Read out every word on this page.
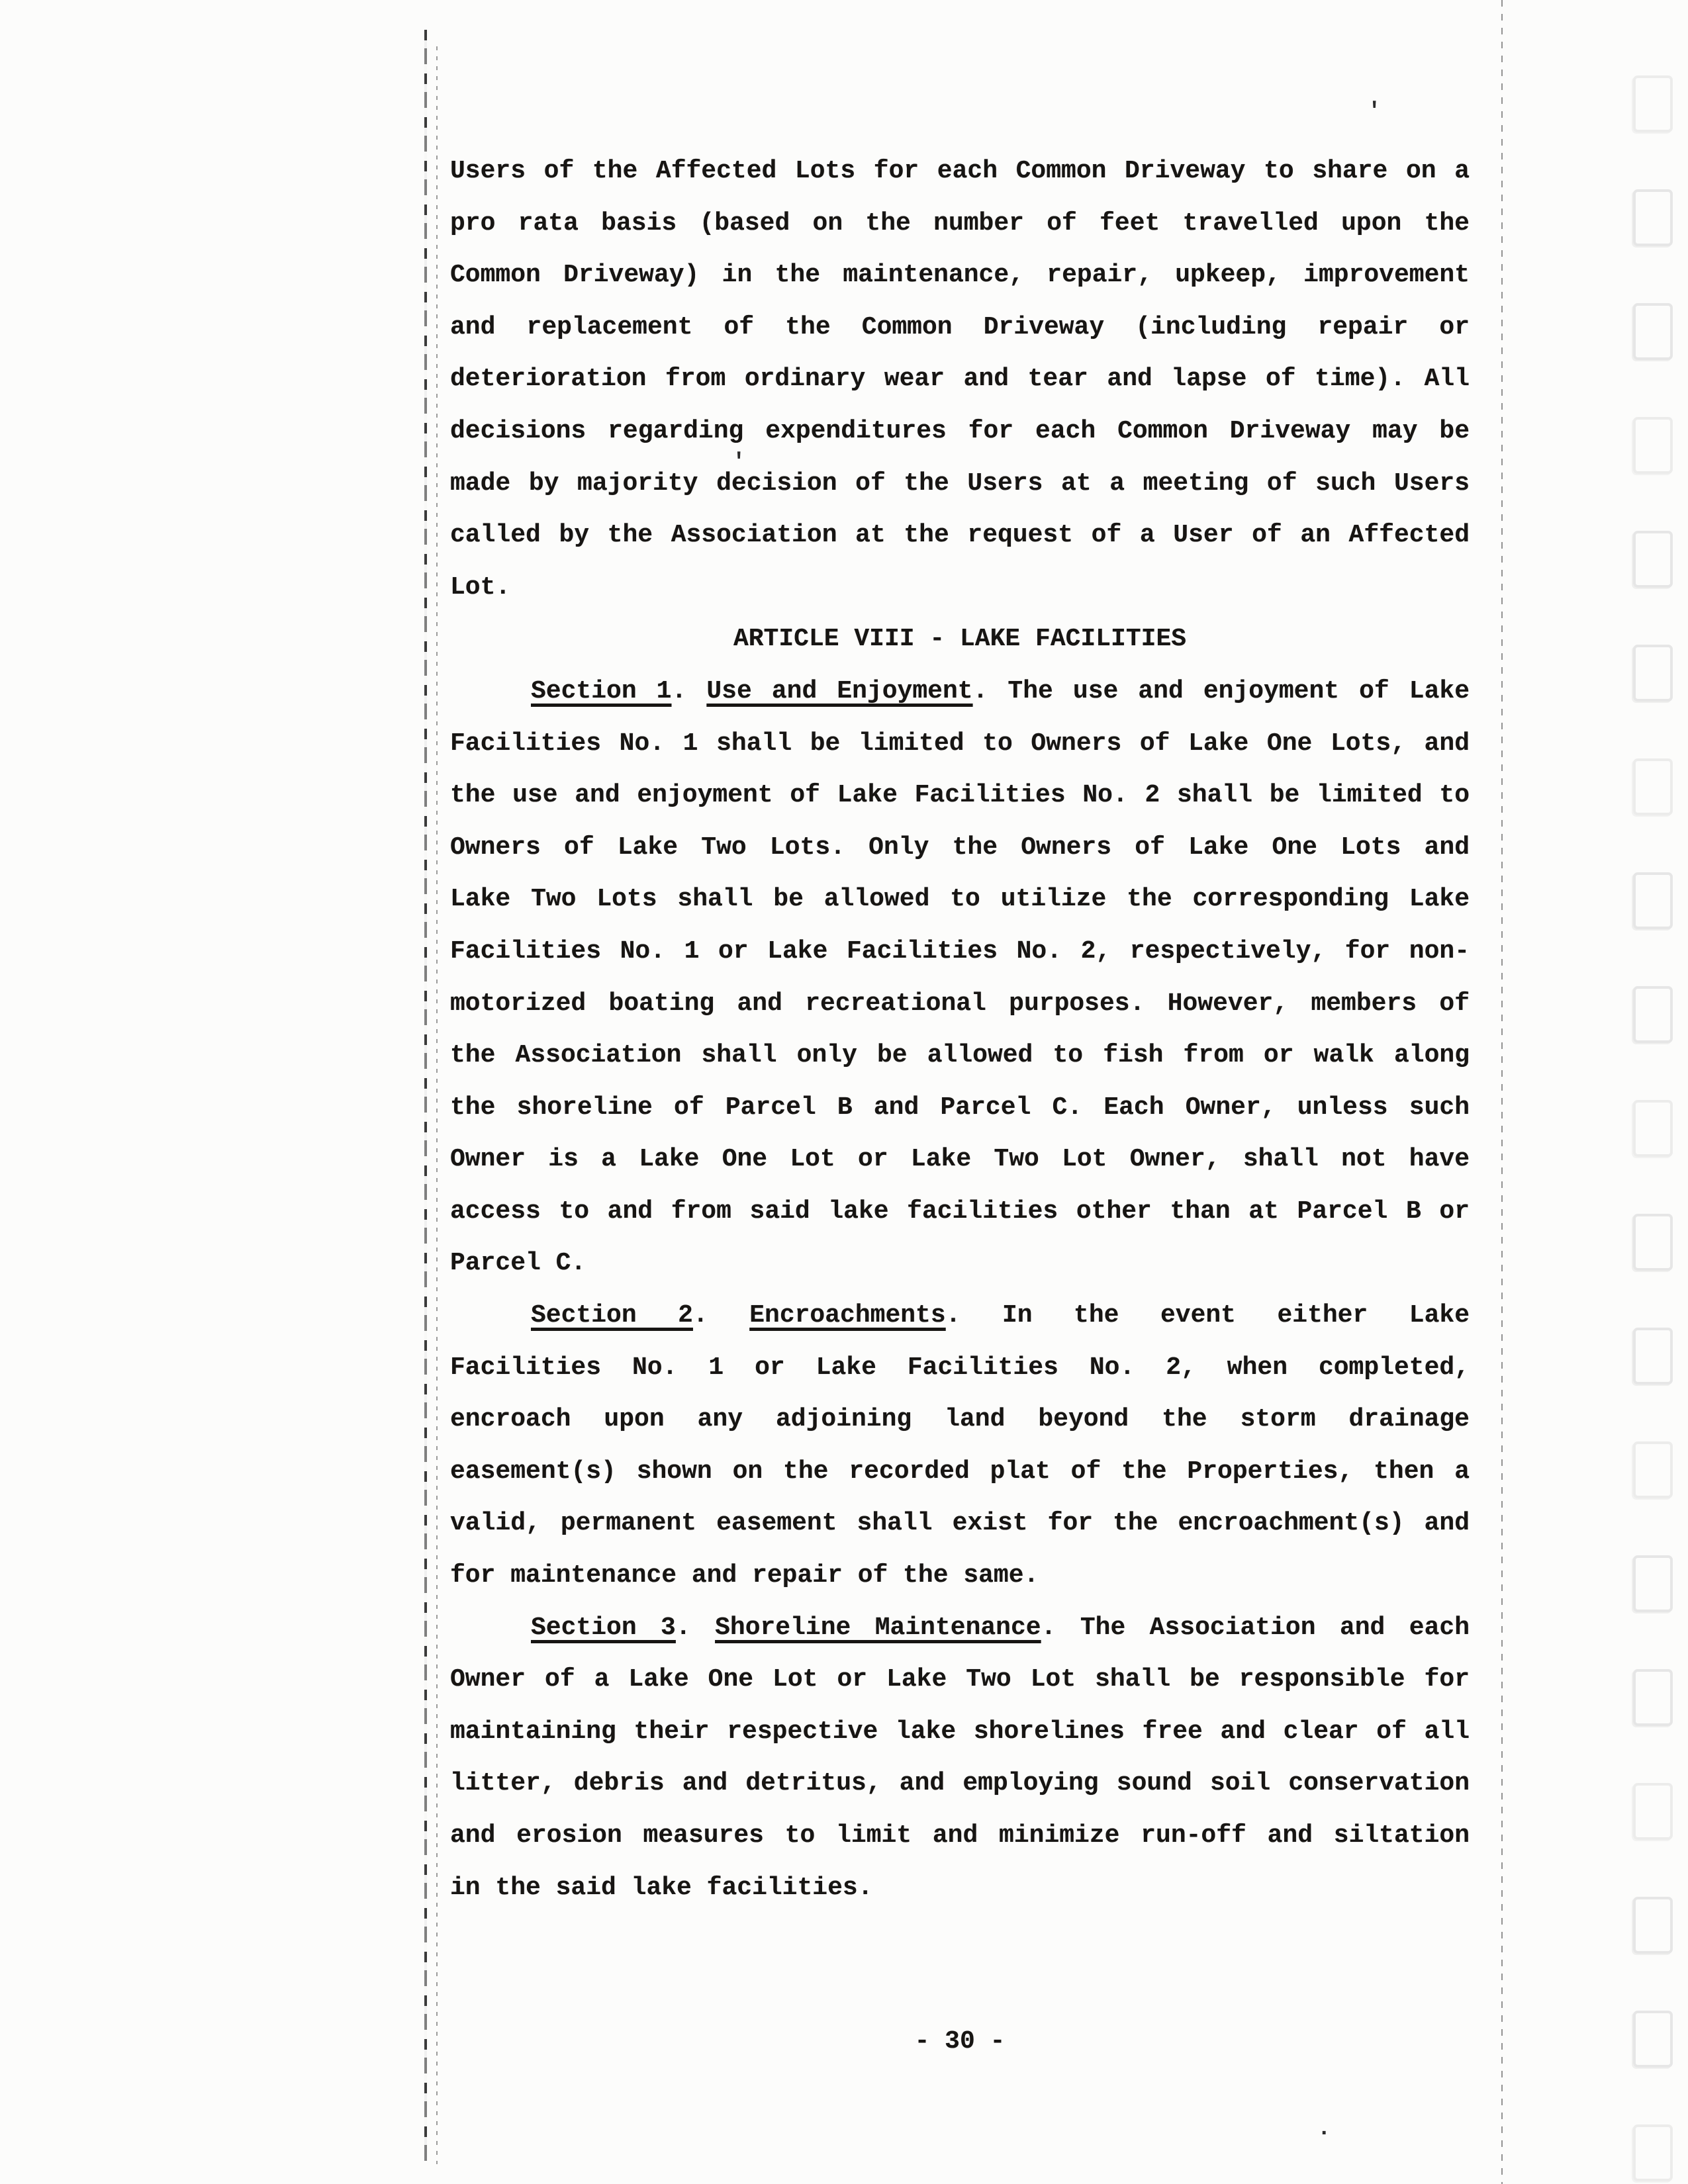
Users of the Affected Lots for each Common Driveway to share on a
pro rata basis (based on the number of feet travelled upon the
Common Driveway) in the maintenance, repair, upkeep, improvement
and replacement of the Common Driveway (including repair or
deterioration from ordinary wear and tear and lapse of time). All
decisions regarding expenditures for each Common Driveway may be
made by majority decision of the Users at a meeting of such Users
called by the Association at the request of a User of an Affected
Lot.
ARTICLE VIII - LAKE FACILITIES
Section 1. Use and Enjoyment. The use and enjoyment of Lake
Facilities No. 1 shall be limited to Owners of Lake One Lots, and
the use and enjoyment of Lake Facilities No. 2 shall be limited to
Owners of Lake Two Lots. Only the Owners of Lake One Lots and
Lake Two Lots shall be allowed to utilize the corresponding Lake
Facilities No. 1 or Lake Facilities No. 2, respectively, for non-
motorized boating and recreational purposes. However, members of
the Association shall only be allowed to fish from or walk along
the shoreline of Parcel B and Parcel C. Each Owner, unless such
Owner is a Lake One Lot or Lake Two Lot Owner, shall not have
access to and from said lake facilities other than at Parcel B or
Parcel C.
Section 2. Encroachments. In the event either Lake
Facilities No. 1 or Lake Facilities No. 2, when completed,
encroach upon any adjoining land beyond the storm drainage
easement(s) shown on the recorded plat of the Properties, then a
valid, permanent easement shall exist for the encroachment(s) and
for maintenance and repair of the same.
Section 3. Shoreline Maintenance. The Association and each
Owner of a Lake One Lot or Lake Two Lot shall be responsible for
maintaining their respective lake shorelines free and clear of all
litter, debris and detritus, and employing sound soil conservation
and erosion measures to limit and minimize run-off and siltation
in the said lake facilities.
- 30 -
'
'
.
